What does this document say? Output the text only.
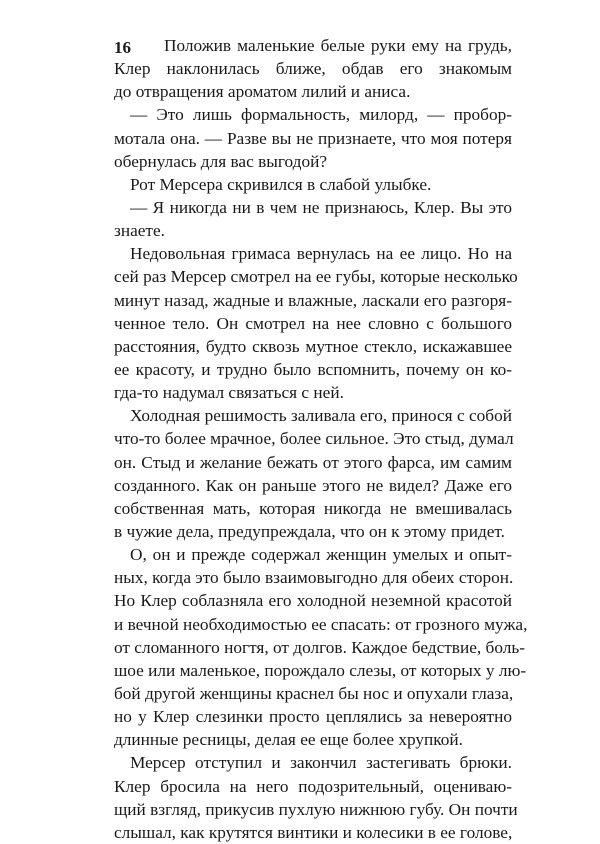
16	Положив маленькие белые руки ему на грудь,
Клер наклонилась ближе, обдав его знакомым
до отвращения ароматом лилий и аниса.
— Это лишь формальность, милорд, — пробор-
мотала она. — Разве вы не признаете, что моя потеря
обернулась для вас выгодой?
Рот Мерсера скривился в слабой улыбке.
— Я никогда ни в чем не признаюсь, Клер. Вы это
знаете.
Недовольная гримаса вернулась на ее лицо. Но на
сей раз Мерсер смотрел на ее губы, которые несколько
минут назад, жадные и влажные, ласкали его разгоря-
ченное тело. Он смотрел на нее словно с большого
расстояния, будто сквозь мутное стекло, искажавшее
ее красоту, и трудно было вспомнить, почему он ко-
гда-то надумал связаться с ней.
Холодная решимость заливала его, принося с собой
что-то более мрачное, более сильное. Это стыд, думал
он. Стыд и желание бежать от этого фарса, им самим
созданного. Как он раньше этого не видел? Даже его
собственная мать, которая никогда не вмешивалась
в чужие дела, предупреждала, что он к этому придет.
О, он и прежде содержал женщин умелых и опыт-
ных, когда это было взаимовыгодно для обеих сторон.
Но Клер соблазняла его холодной неземной красотой
и вечной необходимостью ее спасать: от грозного мужа,
от сломанного ногтя, от долгов. Каждое бедствие, боль-
шое или маленькое, порождало слезы, от которых у лю-
бой другой женщины краснел бы нос и опухали глаза,
но у Клер слезинки просто цеплялись за невероятно
длинные ресницы, делая ее еще более хрупкой.
Мерсер отступил и закончил застегивать брюки.
Клер бросила на него подозрительный, оцениваю-
щий взгляд, прикусив пухлую нижнюю губу. Он почти
слышал, как крутятся винтики и колесики в ее голове,
